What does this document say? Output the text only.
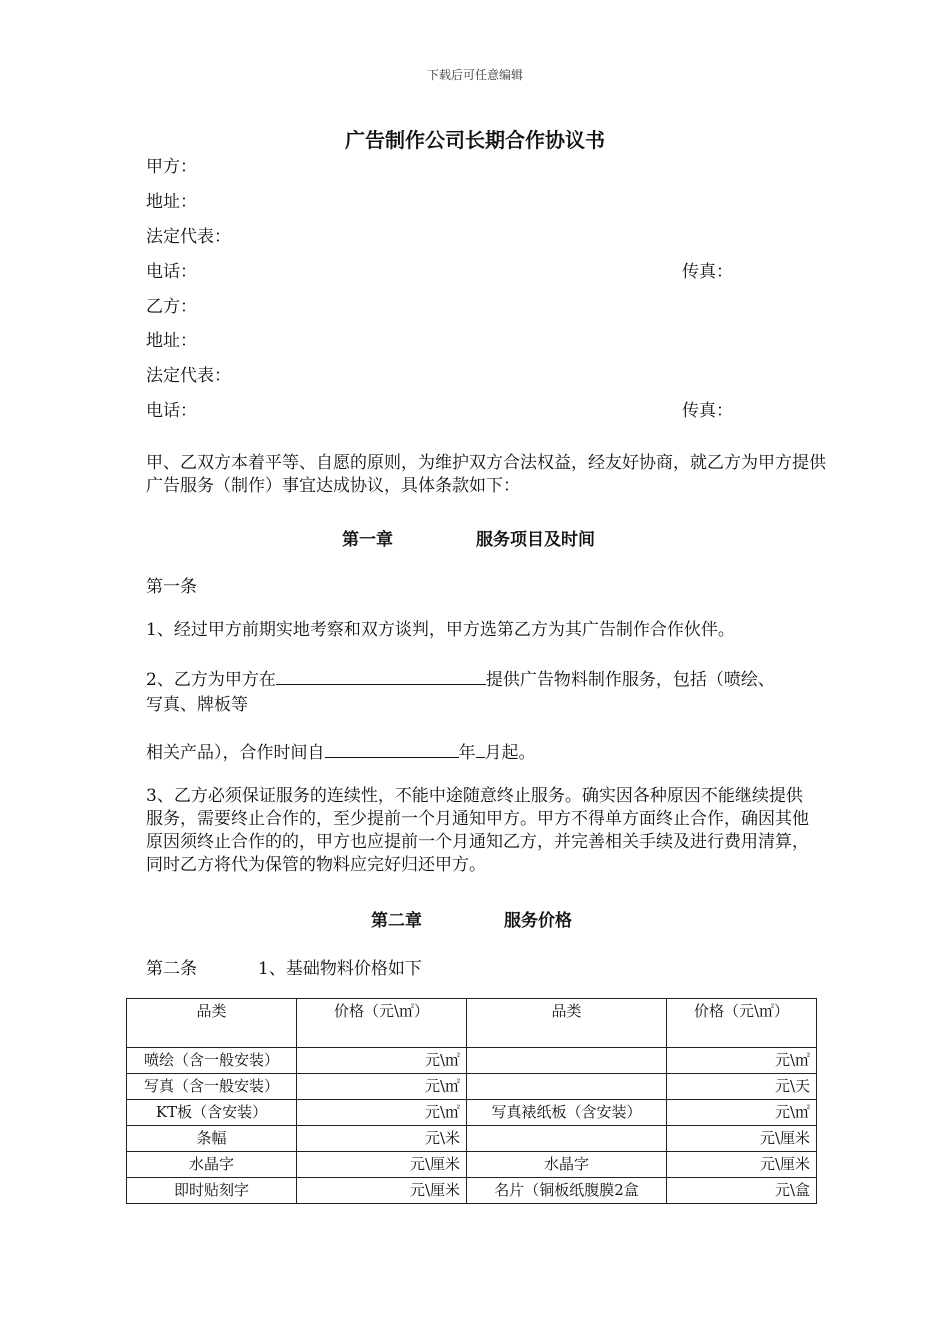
下载后可任意编辑
广告制作公司长期合作协议书
甲方：
地址：
法定代表：
电话：	传真：
乙方：
地址：
法定代表：
电话：	传真：
甲、乙双方本着平等、自愿的原则，为维护双方合法权益，经友好协商，就乙方为甲方提供广告服务（制作）事宜达成协议，具体条款如下：
第一章	服务项目及时间
第一条
1、经过甲方前期实地考察和双方谈判，甲方选第乙方为其广告制作合作伙伴。
2、乙方为甲方在	提供广告物料制作服务，包括（喷绘、
写真、牌板等
相关产品），合作时间自	年 月起。
3、乙方必须保证服务的连续性，不能中途随意终止服务。确实因各种原因不能继续提供服务，需要终止合作的，至少提前一个月通知甲方。甲方不得单方面终止合作，确因其他原因须终止合作的的，甲方也应提前一个月通知乙方，并完善相关手续及进行费用清算，同时乙方将代为保管的物料应完好归还甲方。
第二章	服务价格
第二条	1、基础物料价格如下
品类	价格（元\㎡）	品类	价格（元\㎡）
喷绘（含一般安装）	元\㎡		元\㎡
写真（含一般安装）	元\㎡		元\天
KT板（含安装）	元\㎡	写真裱纸板（含安装）	元\㎡
条幅	元\米		元\厘米
水晶字	元\厘米	水晶字	元\厘米
即时贴刻字	元\厘米	名片（铜板纸腹膜2盒	元\盒
